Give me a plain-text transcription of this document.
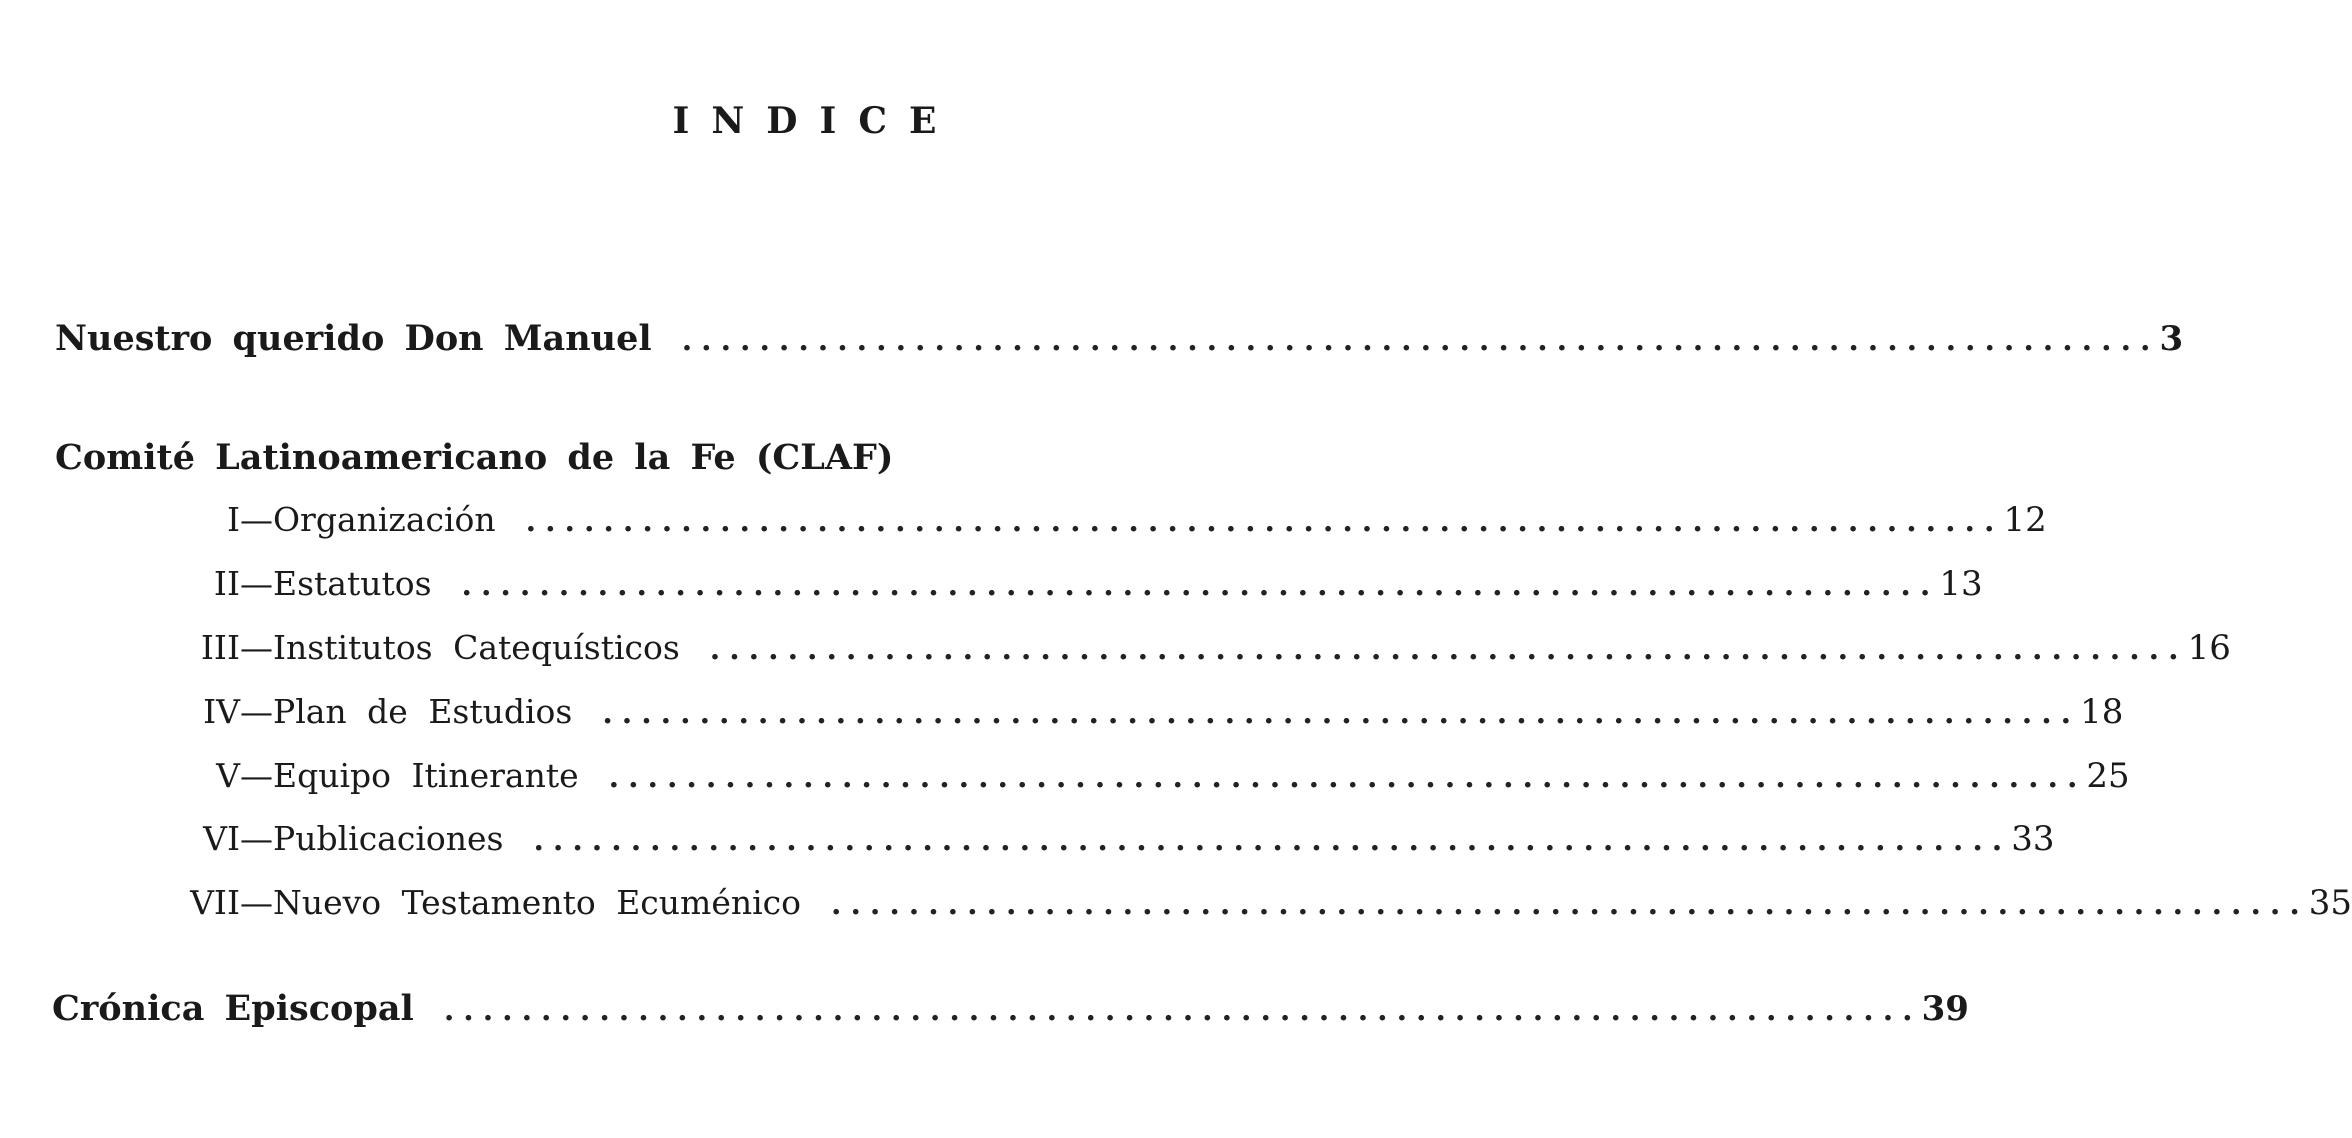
INDICE
Nuestro querido Don Manuel	............................................................................ 3
Comité Latinoamericano de la Fe (CLAF)
I—Organización	............................................................................ 12
II—Estatutos	............................................................................ 13
III—Institutos Catequísticos	............................................................................ 16
IV—Plan de Estudios	............................................................................ 18
V—Equipo Itinerante	............................................................................ 25
VI—Publicaciones	............................................................................ 33
VII—Nuevo Testamento Ecuménico	............................................................................ 35
Crónica Episcopal	............................................................................ 39
